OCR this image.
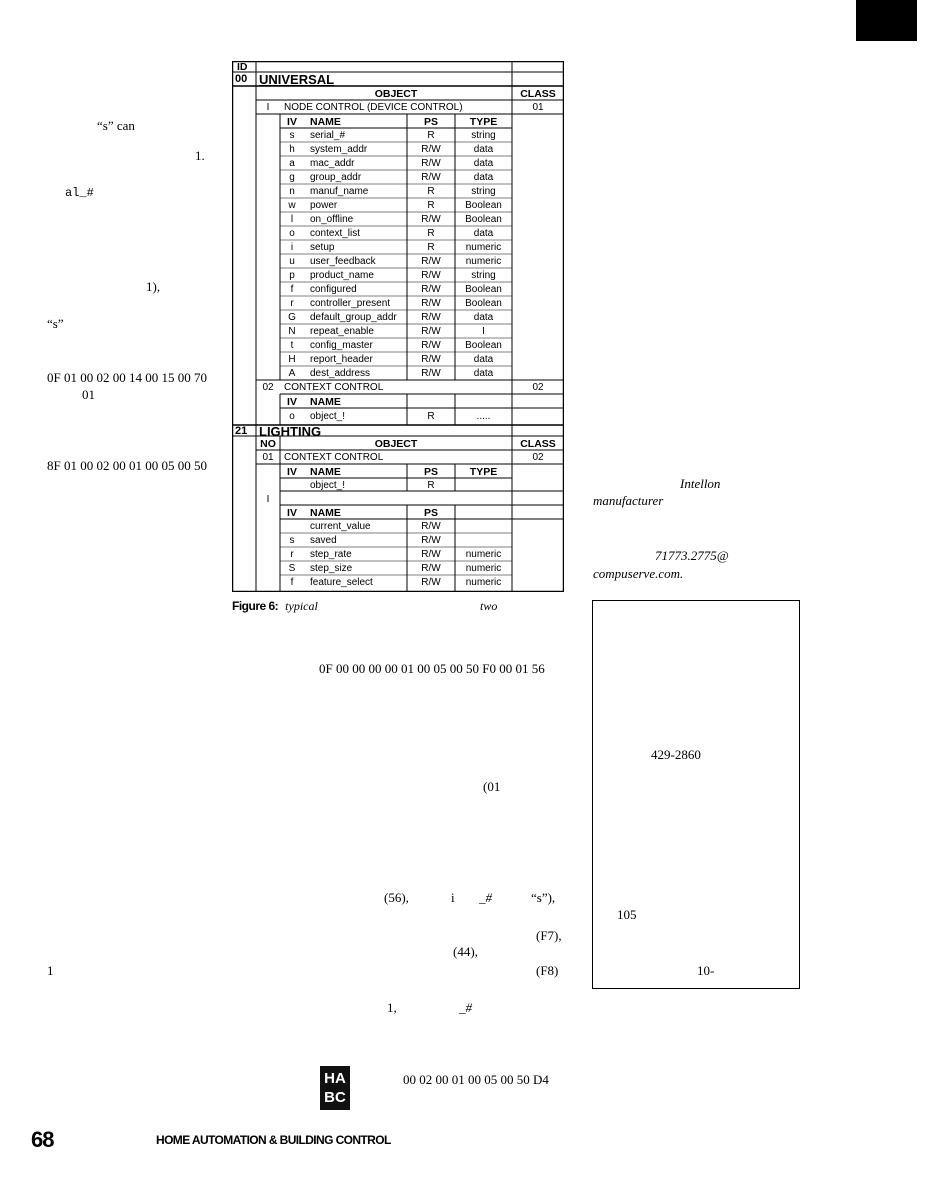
“s” can
1.
al_#
1),
“s”
0F 01 00 02 00 14 00 15 00 70
01
8F 01 00 02 00 01 00 05 00 50
1
0F 00 00 00 00 01 00 05 00 50 F0 00 01 56
(01
(56),	i _#	“s”),
(F7),
(44),
(F8)
1,	_#
00 02 00 01 00 05 00 50 D4
Intellon
manufacturer
71773.2775@
compuserve.com.
429-2860
105
10-
ID
00 UNIVERSAL
OBJECT	CLASS
I	NODE CONTROL (DEVICE CONTROL)	01
IV	NAME	PS	TYPE
s	serial_#	R	string
h	system_addr	R/W	data
a	mac_addr	R/W	data
g	group_addr	R/W	data
n	manuf_name	R	string
w	power	R	Boolean
l	on_offline	R/W	Boolean
o	context_list	R	data
i	setup	R	numeric
u	user_feedback	R/W	numeric
p	product_name	R/W	string
f	configured	R/W	Boolean
r	controller_present	R/W	Boolean
G	default_group_addr	R/W	data
N	repeat_enable	R/W	I
t	config_master	R/W	Boolean
H	report_header	R/W	data
A	dest_address	R/W	data
02	CONTEXT CONTROL	02
IV	NAME
o	object_!	R	.....
21 LIGHTING
NO	OBJECT	CLASS
01	CONTEXT CONTROL	02
IV	NAME	PS	TYPE
object_!	R
I
IV	NAME	PS
current_value	R/W
s	saved	R/W
r	step_rate	R/W	numeric
S	step_size	R/W	numeric
f	feature_select	R/W	numeric
Figure 6: typical	two
HA
BC
68	HOME AUTOMATION & BUILDING CONTROL
